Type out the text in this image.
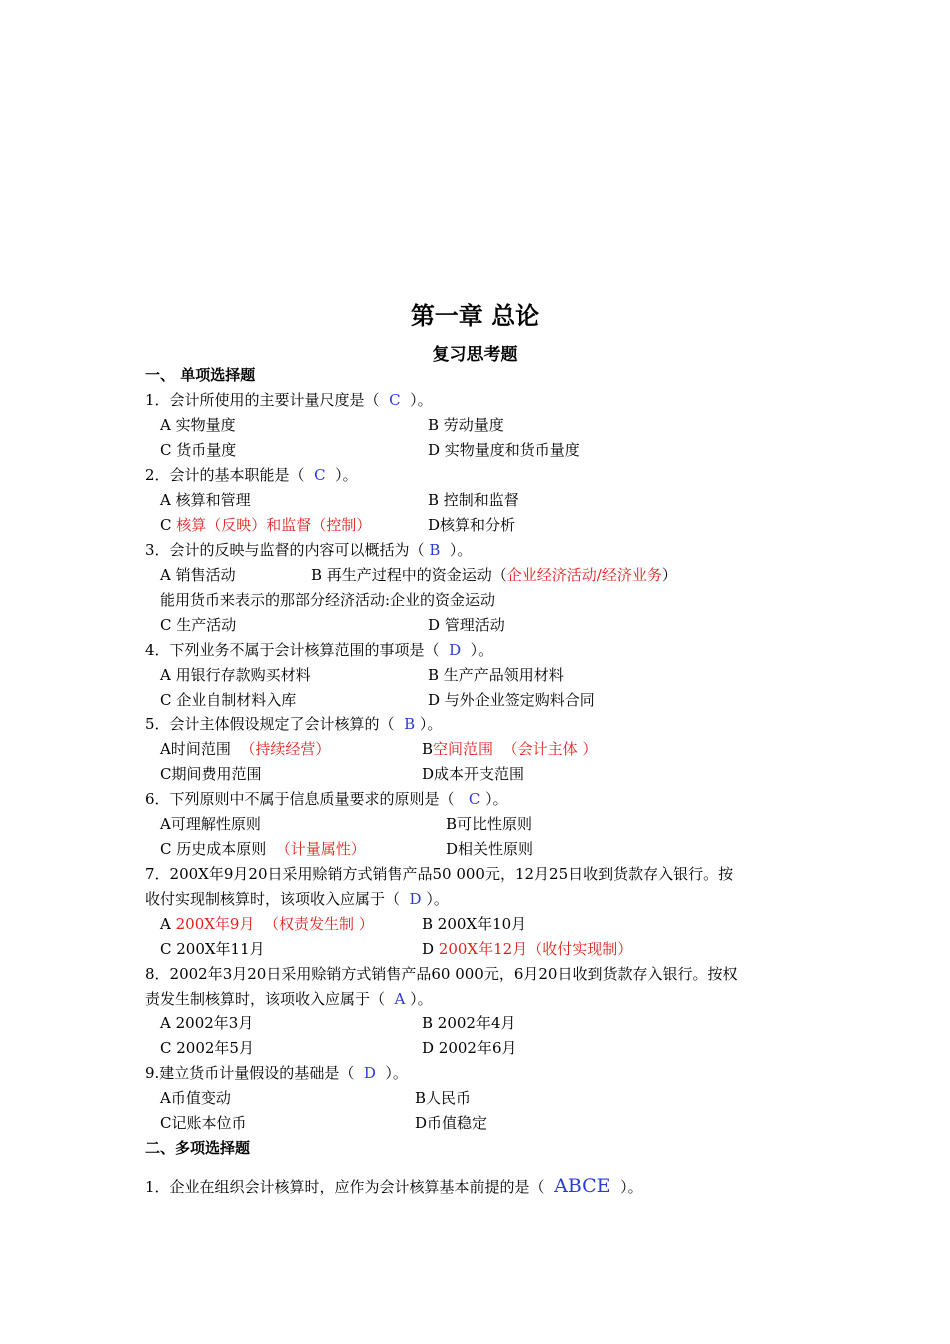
第一章 总论
复习思考题
一、 单项选择题
1．会计所使用的主要计量尺度是（  C  ）。
A 实物量度	B 劳动量度
C 货币量度	D 实物量度和货币量度
2．会计的基本职能是（  C  ）。
A 核算和管理	B 控制和监督
C 核算（反映）和监督（控制）	D核算和分析
3．会计的反映与监督的内容可以概括为（ B  ）。
A 销售活动	B 再生产过程中的资金运动（企业经济活动/经济业务）
能用货币来表示的那部分经济活动:企业的资金运动
C 生产活动	D 管理活动
4．下列业务不属于会计核算范围的事项是（  D  ）。
A 用银行存款购买材料	B 生产产品领用材料
C 企业自制材料入库	D 与外企业签定购料合同
5．会计主体假设规定了会计核算的（  B ）。
A时间范围  （持续经营）	B空间范围  （会计主体 ）
C期间费用范围	D成本开支范围
6．下列原则中不属于信息质量要求的原则是（   C ）。
A可理解性原则	B可比性原则
C 历史成本原则  （计量属性）	D相关性原则
7．200X年9月20日采用赊销方式销售产品50 000元，12月25日收到货款存入银行。按
收付实现制核算时，该项收入应属于（  D ）。
A 200X年9月  （权责发生制 ）	B 200X年10月
C 200X年11月	D 200X年12月（收付实现制）
8．2002年3月20日采用赊销方式销售产品60 000元，6月20日收到货款存入银行。按权
责发生制核算时，该项收入应属于（  A ）。
A 2002年3月	B 2002年4月
C 2002年5月	D 2002年6月
9.建立货币计量假设的基础是（  D  ）。
A币值变动	B人民币
C记账本位币	D币值稳定
二、多项选择题
1．企业在组织会计核算时，应作为会计核算基本前提的是（  ABCE  ）。
